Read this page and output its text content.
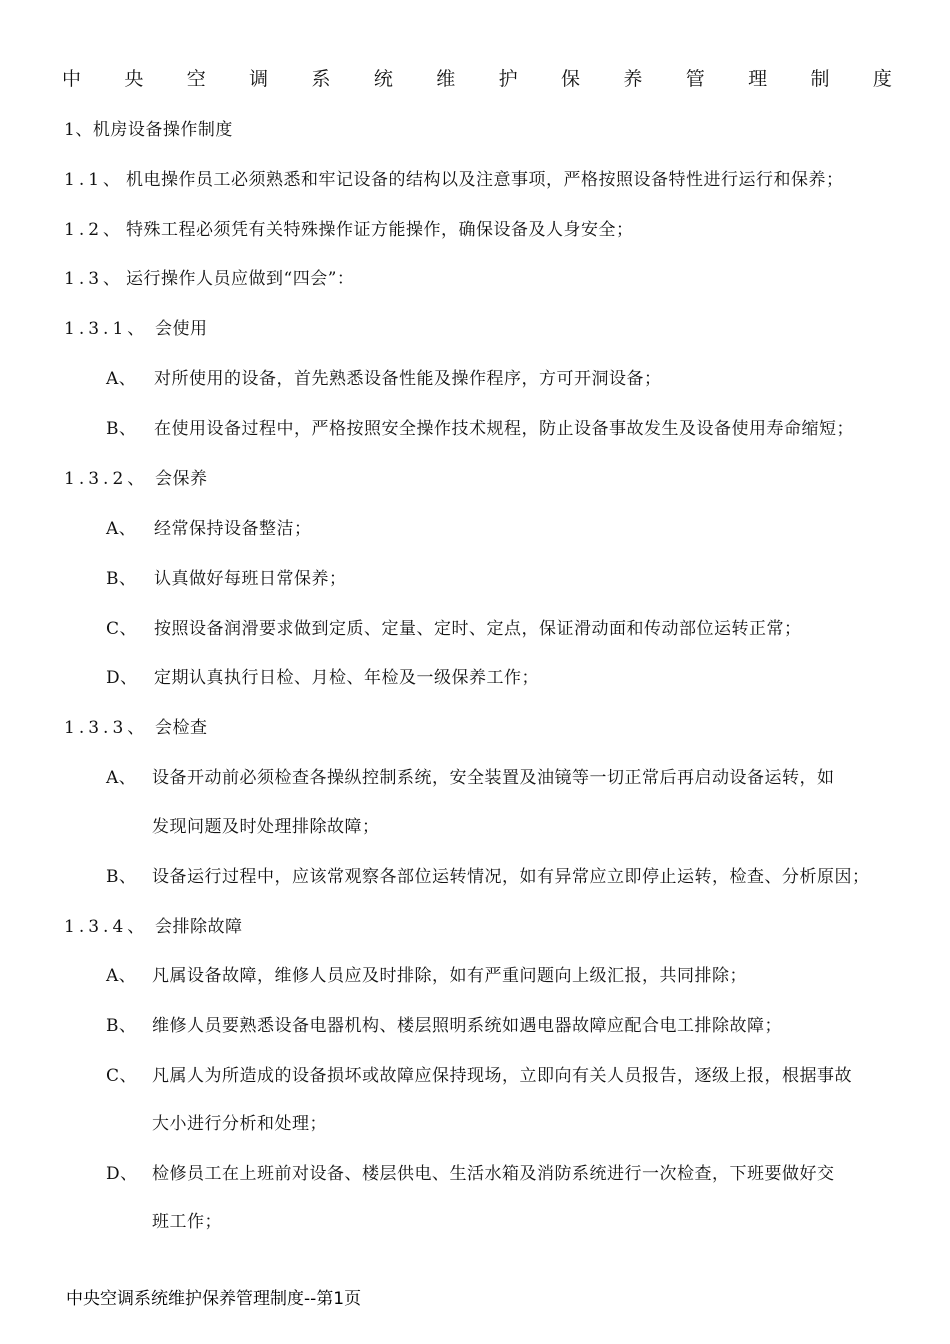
中 央 空 调 系 统 维 护 保 养 管 理 制 度
1、机房设备操作制度
1.1、 机电操作员工必须熟悉和牢记设备的结构以及注意事项，严格按照设备特性进行运行和保养；
1.2、 特殊工程必须凭有关特殊操作证方能操作，确保设备及人身安全；
1.3、 运行操作人员应做到“四会”：
1.3.1、 会使用
A、 对所使用的设备，首先熟悉设备性能及操作程序，方可开洞设备；
B、 在使用设备过程中，严格按照安全操作技术规程，防止设备事故发生及设备使用寿命缩短；
1.3.2、 会保养
A、 经常保持设备整洁；
B、 认真做好每班日常保养；
C、 按照设备润滑要求做到定质、定量、定时、定点，保证滑动面和传动部位运转正常；
D、 定期认真执行日检、月检、年检及一级保养工作；
1.3.3、 会检查
A、 设备开动前必须检查各操纵控制系统，安全装置及油镜等一切正常后再启动设备运转，如
发现问题及时处理排除故障；
B、 设备运行过程中，应该常观察各部位运转情况，如有异常应立即停止运转，检查、分析原因；
1.3.4、 会排除故障
A、 凡属设备故障，维修人员应及时排除，如有严重问题向上级汇报，共同排除；
B、 维修人员要熟悉设备电器机构、楼层照明系统如遇电器故障应配合电工排除故障；
C、 凡属人为所造成的设备损坏或故障应保持现场，立即向有关人员报告，逐级上报，根据事故
大小进行分析和处理；
D、 检修员工在上班前对设备、楼层供电、生活水箱及消防系统进行一次检查，下班要做好交
班工作；
中央空调系统维护保养管理制度--第1页
